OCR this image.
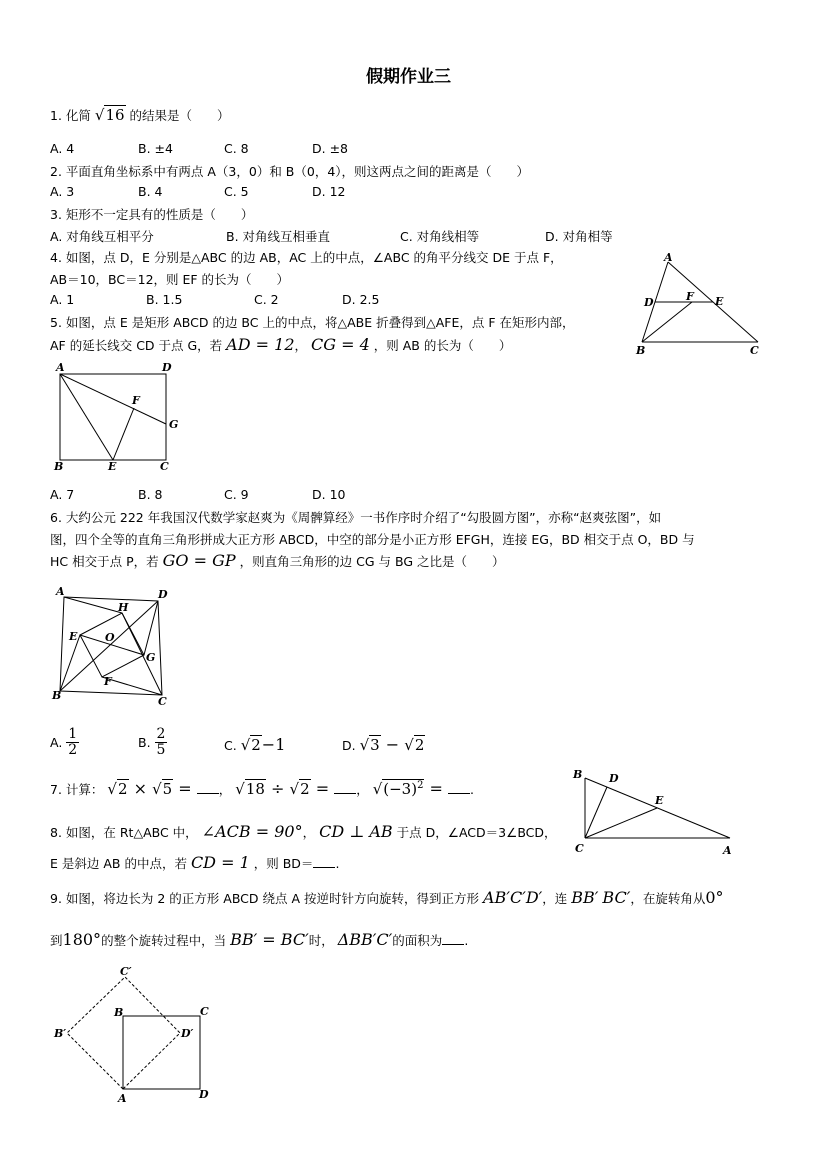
假期作业三
1. 化简 √16 的结果是（　　）
A. 4	B. ±4	C. 8	D. ±8
2. 平面直角坐标系中有两点 A（3，0）和 B（0，4），则这两点之间的距离是（　　）
A. 3	B. 4	C. 5	D. 12
3. 矩形不一定具有的性质是（　　）
A. 对角线互相平分	B. 对角线互相垂直	C. 对角线相等	D. 对角相等
4. 如图，点 D，E 分别是△ABC 的边 AB，AC 上的中点，∠ABC 的角平分线交 DE 于点 F，
AB＝10，BC＝12，则 EF 的长为（　　）
A. 1	B. 1.5	C. 2	D. 2.5
A
D	F E
B	C
5. 如图，点 E 是矩形 ABCD 的边 BC 上的中点，将△ABE 折叠得到△AFE，点 F 在矩形内部，
AF 的延长线交 CD 于点 G，若 AD = 12， CG = 4 ，则 AB 的长为（　　）
A	D
F
G
B	E	C
A. 7	B. 8	C. 9	D. 10
6. 大约公元 222 年我国汉代数学家赵爽为《周髀算经》一书作序时介绍了“勾股圆方图”，亦称“赵爽弦图”，如
图，四个全等的直角三角形拼成大正方形 ABCD，中空的部分是小正方形 EFGH，连接 EG，BD 相交于点 O，BD 与
HC 相交于点 P，若 GO = GP ，则直角三角形的边 CG 与 BG 之比是（　　）
A	D
H
E	O
G
B
F
C
A. $\frac{1}{2}$	B. $\frac{2}{5}$	C. √2−1	D. √3 − √2
7. 计算： √2 × √5 = ， √18 ÷ √2 = ， $√(-3)^2$ = .
B D
E
C	A
8. 如图，在 Rt△ABC 中， ∠ACB = 90°， CD ⊥ AB 于点 D，∠ACD＝3∠BCD，
E 是斜边 AB 的中点，若 CD = 1 ，则 BD＝ .
9. 如图，将边长为 2 的正方形 ABCD 绕点 A 按逆时针方向旋转，得到正方形 AB′C′D′，连 BB′ BC′，在旋转角从0°
到180°的整个旋转过程中，当 BB′ = BC′时， ΔBB′C′的面积为 .
C′
B	C
B′	D′
A	D
